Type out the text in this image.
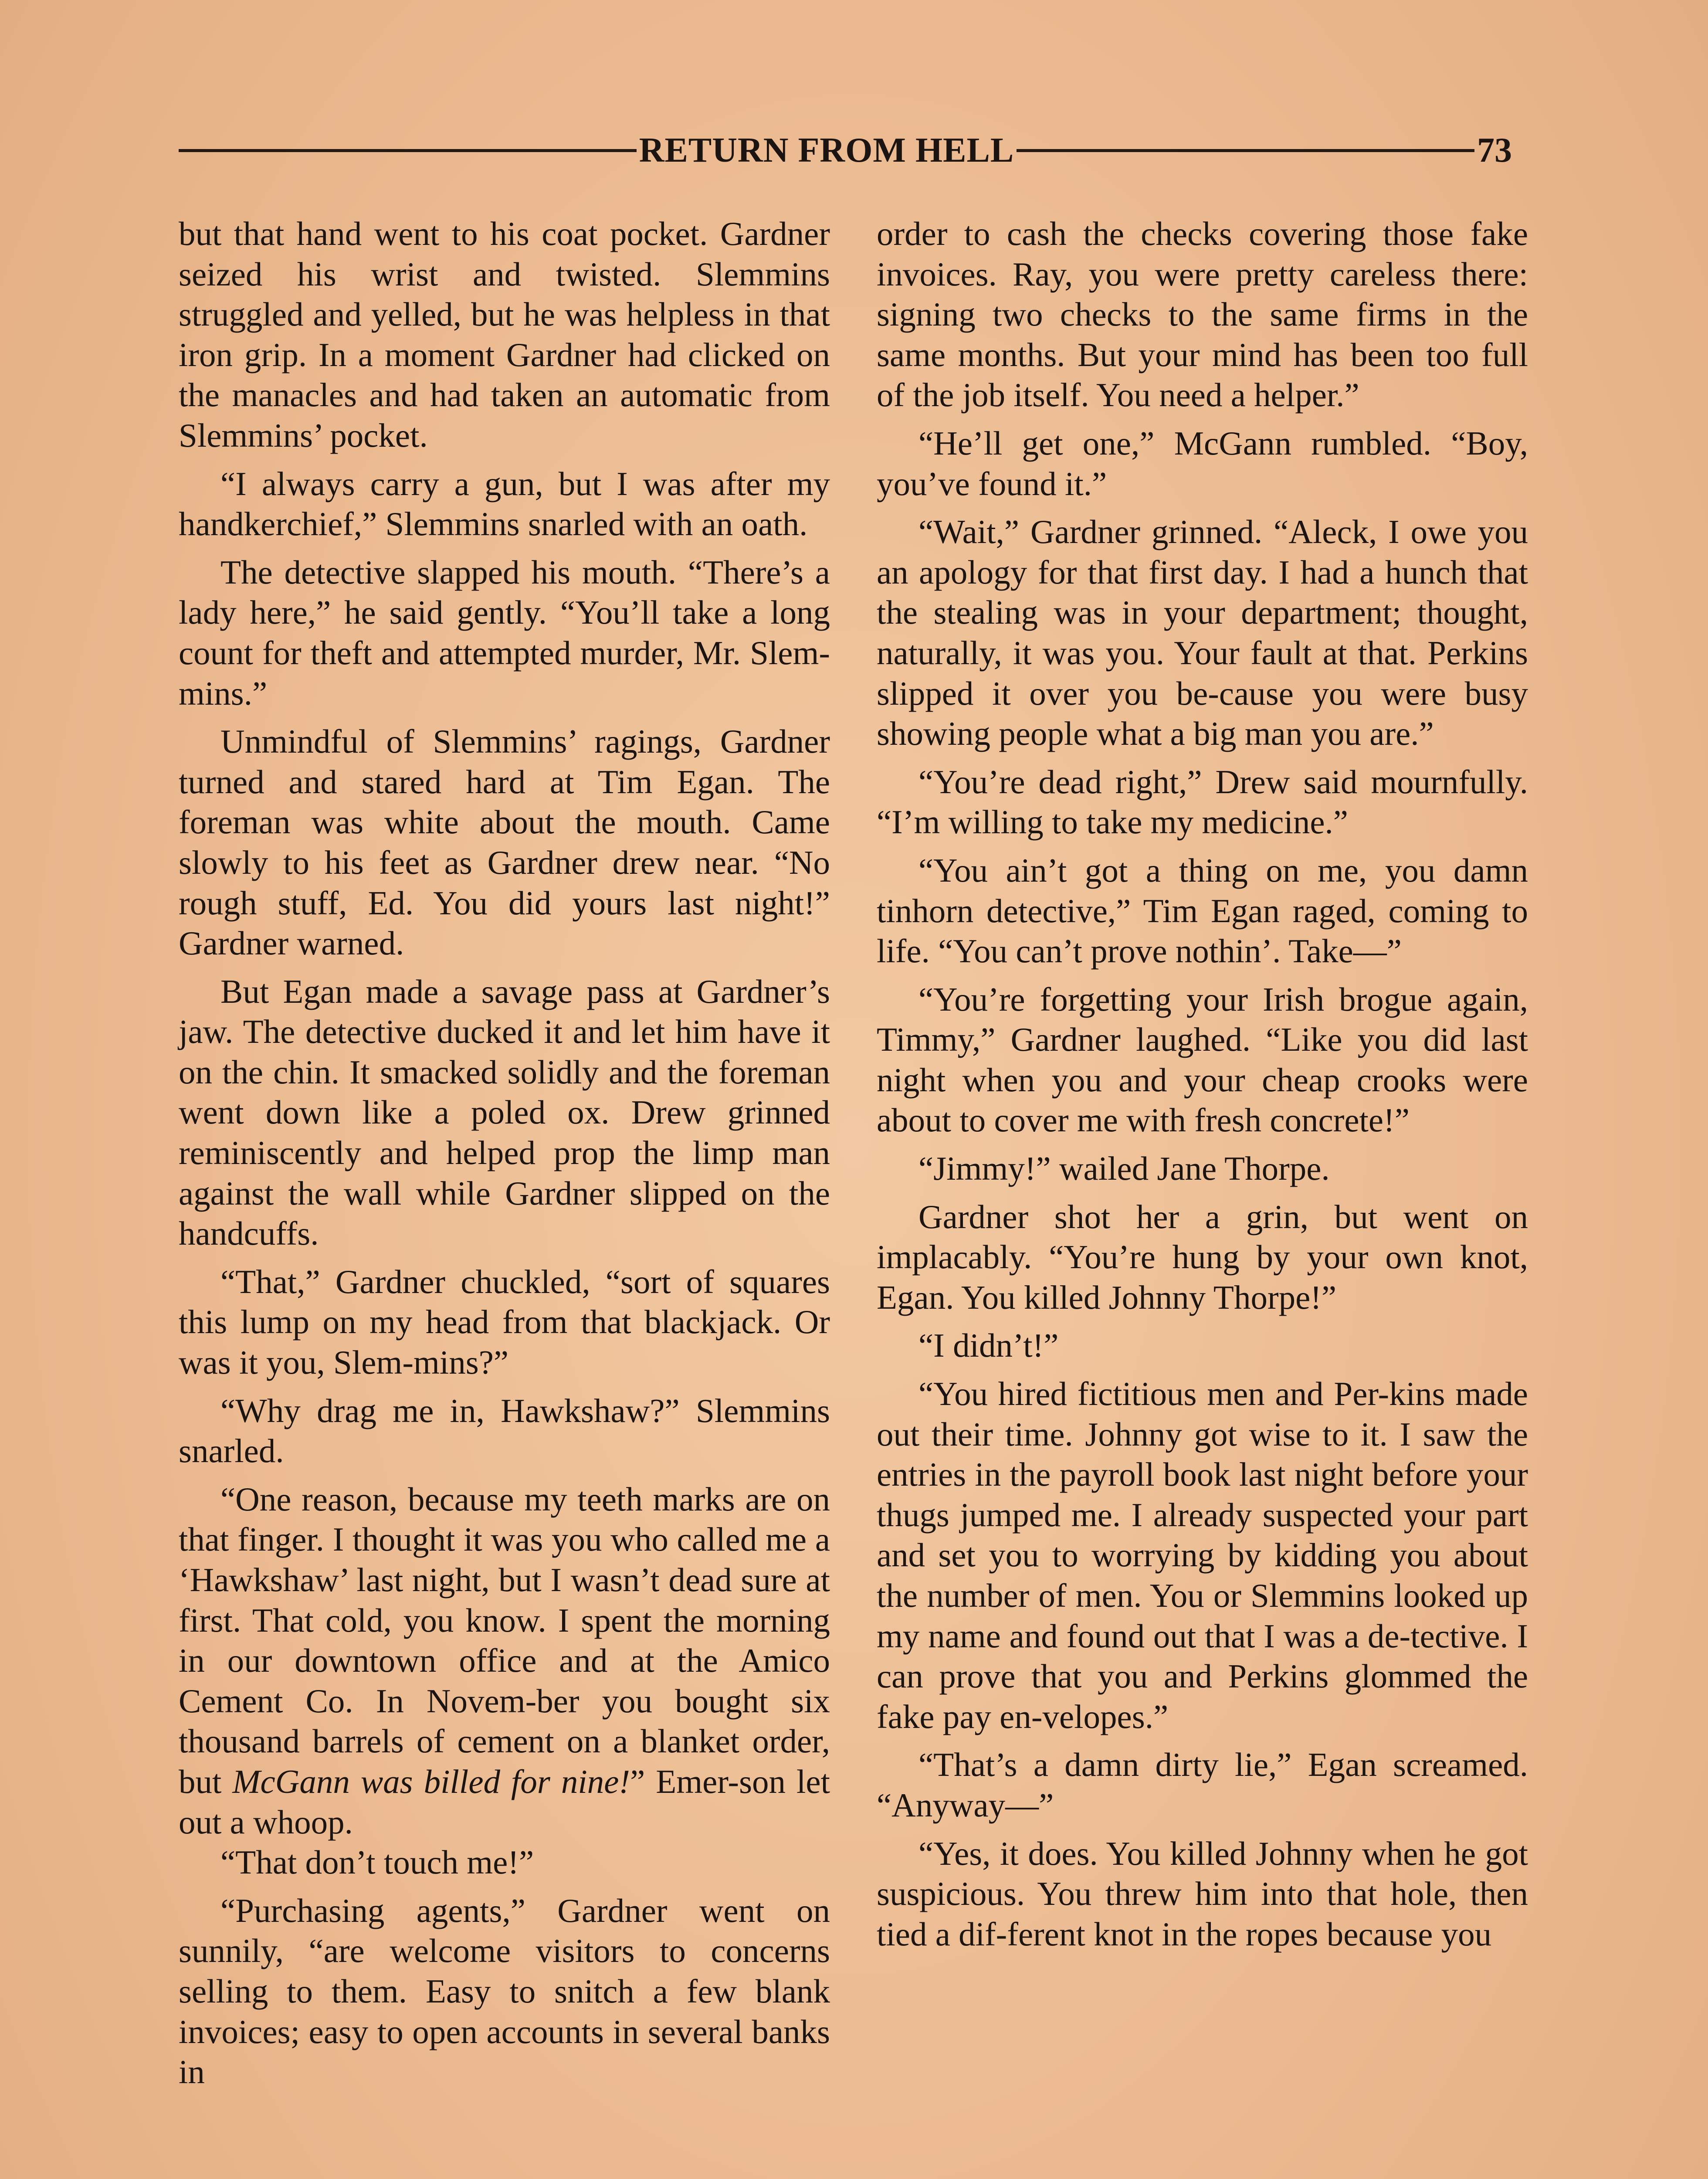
RETURN FROM HELL	73

but that hand went to his coat pocket. Gardner seized his wrist and twisted. Slemmins struggled and yelled, but he was helpless in that iron grip. In a moment Gardner had clicked on the manacles and had taken an automatic from Slemmins’ pocket.

“I always carry a gun, but I was after my handkerchief,” Slemmins snarled with an oath.

The detective slapped his mouth. “There’s a lady here,” he said gently. “You’ll take a long count for theft and attempted murder, Mr. Slem-mins.”

Unmindful of Slemmins’ ragings, Gardner turned and stared hard at Tim Egan. The foreman was white about the mouth. Came slowly to his feet as Gardner drew near. “No rough stuff, Ed. You did yours last night!” Gardner warned.

But Egan made a savage pass at Gardner’s jaw. The detective ducked it and let him have it on the chin. It smacked solidly and the foreman went down like a poled ox. Drew grinned reminiscently and helped prop the limp man against the wall while Gardner slipped on the handcuffs.

“That,” Gardner chuckled, “sort of squares this lump on my head from that blackjack. Or was it you, Slem-mins?”

“Why drag me in, Hawkshaw?” Slemmins snarled.

“One reason, because my teeth marks are on that finger. I thought it was you who called me a ‘Hawkshaw’ last night, but I wasn’t dead sure at first. That cold, you know. I spent the morning in our downtown office and at the Amico Cement Co. In Novem-ber you bought six thousand barrels of cement on a blanket order, but McGann was billed for nine!” Emer-son let out a whoop.

“That don’t touch me!”

“Purchasing agents,” Gardner went on sunnily, “are welcome visitors to concerns selling to them. Easy to snitch a few blank invoices; easy to open accounts in several banks in

order to cash the checks covering those fake invoices. Ray, you were pretty careless there: signing two checks to the same firms in the same months. But your mind has been too full of the job itself. You need a helper.”

“He’ll get one,” McGann rumbled. “Boy, you’ve found it.”

“Wait,” Gardner grinned. “Aleck, I owe you an apology for that first day. I had a hunch that the stealing was in your department; thought, naturally, it was you. Your fault at that. Perkins slipped it over you be-cause you were busy showing people what a big man you are.”

“You’re dead right,” Drew said mournfully. “I’m willing to take my medicine.”

“You ain’t got a thing on me, you damn tinhorn detective,” Tim Egan raged, coming to life. “You can’t prove nothin’. Take—”

“You’re forgetting your Irish brogue again, Timmy,” Gardner laughed. “Like you did last night when you and your cheap crooks were about to cover me with fresh concrete!”

“Jimmy!” wailed Jane Thorpe.

Gardner shot her a grin, but went on implacably. “You’re hung by your own knot, Egan. You killed Johnny Thorpe!”

“I didn’t!”

“You hired fictitious men and Per-kins made out their time. Johnny got wise to it. I saw the entries in the payroll book last night before your thugs jumped me. I already suspected your part and set you to worrying by kidding you about the number of men. You or Slemmins looked up my name and found out that I was a de-tective. I can prove that you and Perkins glommed the fake pay en-velopes.”

“That’s a damn dirty lie,” Egan screamed. “Anyway—”

“Yes, it does. You killed Johnny when he got suspicious. You threw him into that hole, then tied a dif-ferent knot in the ropes because you
